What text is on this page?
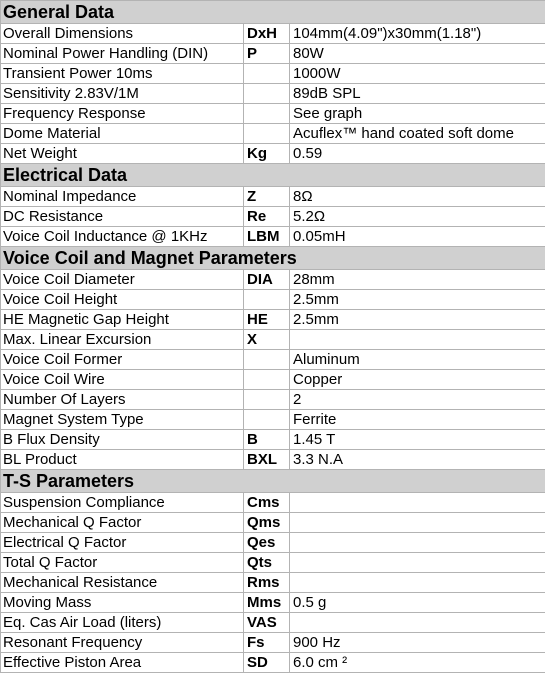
General Data		
Overall Dimensions	DxH	104mm(4.09")x30mm(1.18")
Nominal Power Handling (DIN)	P	80W
Transient Power 10ms		1000W
Sensitivity 2.83V/1M		89dB SPL
Frequency Response		See graph
Dome Material		Acuflex™ hand coated soft dome
Net Weight	Kg	0.59
Electrical Data		
Nominal Impedance	Z	8Ω
DC Resistance	Re	5.2Ω
Voice Coil Inductance @ 1KHz	LBM	0.05mH
Voice Coil and Magnet Parameters		
Voice Coil Diameter	DIA	28mm
Voice Coil Height		2.5mm
HE Magnetic Gap Height	HE	2.5mm
Max. Linear Excursion	X	
Voice Coil Former		Aluminum
Voice Coil Wire		Copper
Number Of Layers		2
Magnet System Type		Ferrite
B Flux Density	B	1.45 T
BL Product	BXL	3.3 N.A
T-S Parameters		
Suspension Compliance	Cms	
Mechanical Q Factor	Qms	
Electrical Q Factor	Qes	
Total Q Factor	Qts	
Mechanical Resistance	Rms	
Moving Mass	Mms	0.5 g
Eq. Cas Air Load (liters)	VAS	
Resonant Frequency	Fs	900 Hz
Effective Piston Area	SD	6.0 cm ²
